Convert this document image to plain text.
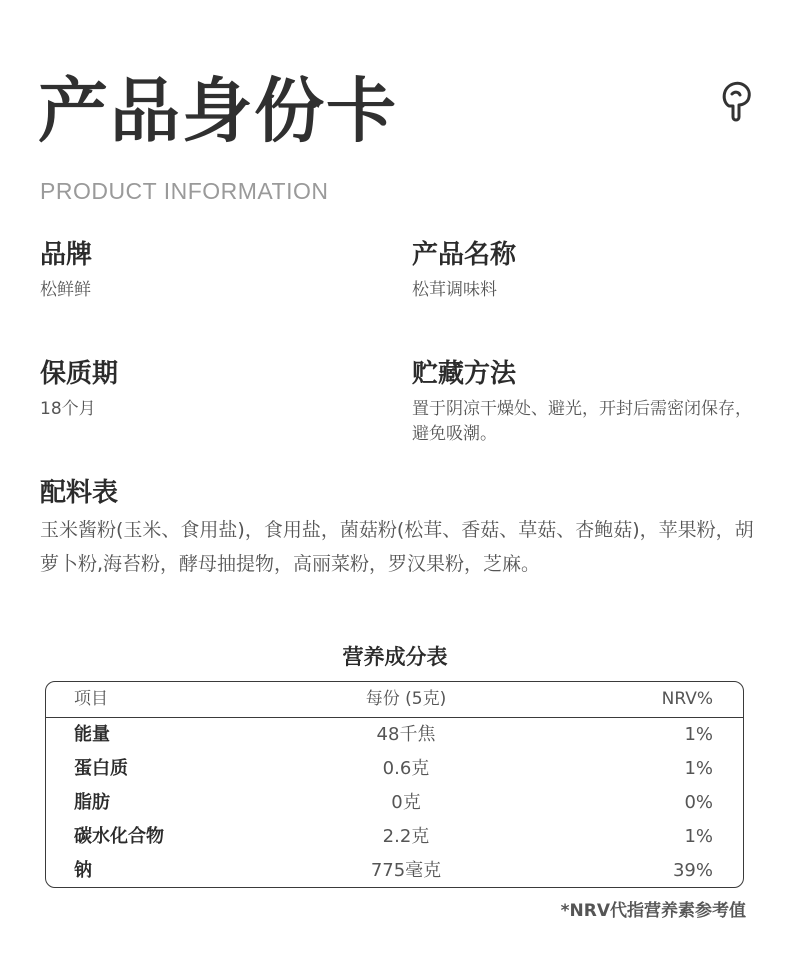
产品身份卡
PRODUCT INFORMATION
品牌
松鲜鲜
产品名称
松茸调味料
保质期
18个月
贮藏方法
置于阴凉干燥处、避光，开封后需密闭保存，避免吸潮。
配料表
玉米酱粉(玉米、食用盐)，食用盐，菌菇粉(松茸、香菇、草菇、杏鲍菇)，苹果粉，胡萝卜粉,海苔粉，酵母抽提物，高丽菜粉，罗汉果粉，芝麻。
营养成分表
项目	每份 (5克)	NRV%
能量	48千焦	1%
蛋白质	0.6克	1%
脂肪	0克	0%
碳水化合物	2.2克	1%
钠	775毫克	39%
*NRV代指营养素参考值
